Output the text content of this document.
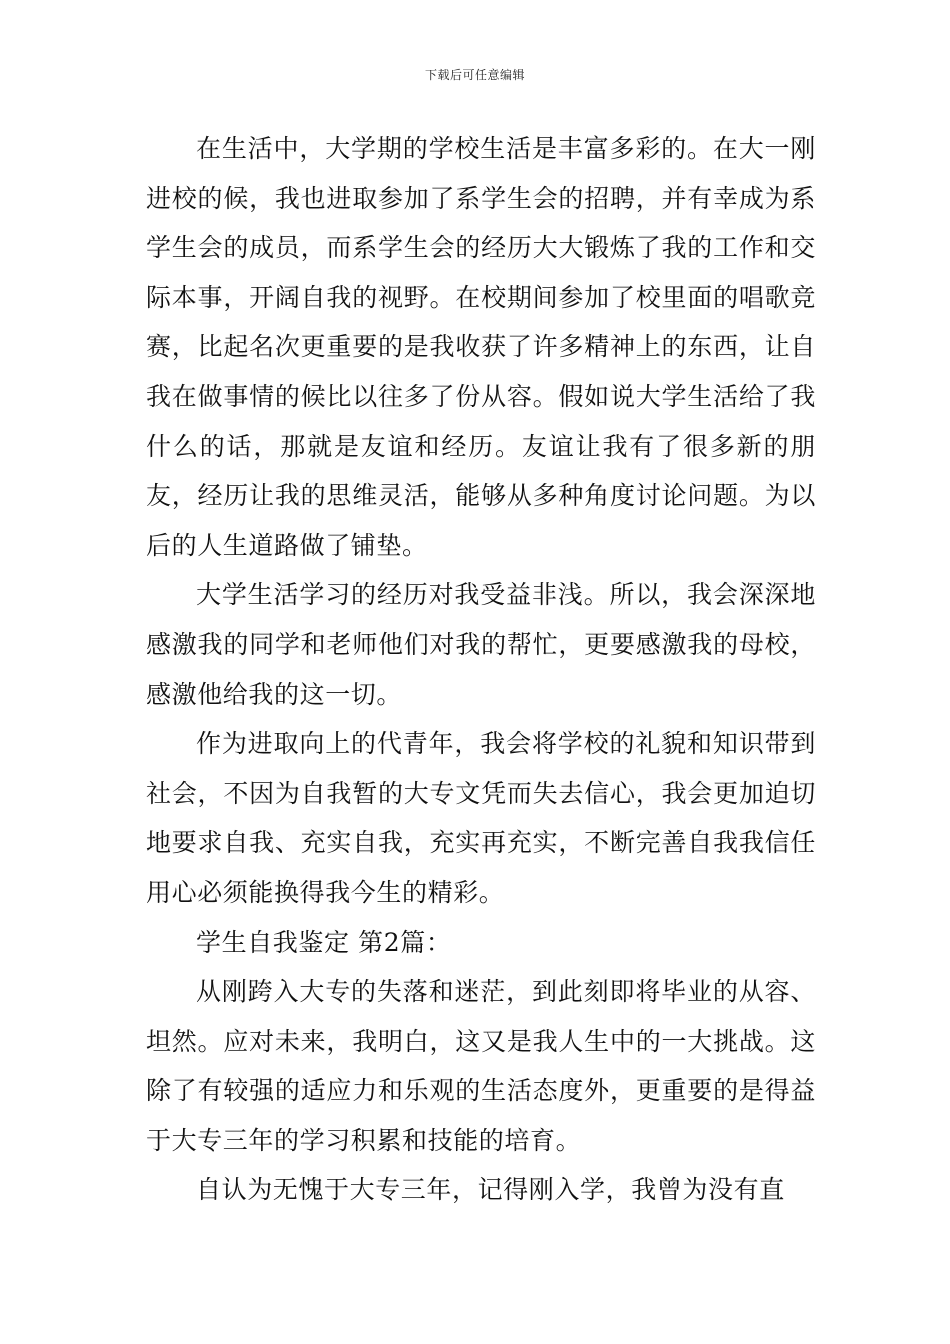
下载后可任意编辑

在生活中，大学期的学校生活是丰富多彩的。在大一刚进校的候，我也进取参加了系学生会的招聘，并有幸成为系学生会的成员，而系学生会的经历大大锻炼了我的工作和交际本事，开阔自我的视野。在校期间参加了校里面的唱歌竞赛，比起名次更重要的是我收获了许多精神上的东西，让自我在做事情的候比以往多了份从容。假如说大学生活给了我什么的话，那就是友谊和经历。友谊让我有了很多新的朋友，经历让我的思维灵活，能够从多种角度讨论问题。为以后的人生道路做了铺垫。

大学生活学习的经历对我受益非浅。所以，我会深深地感激我的同学和老师他们对我的帮忙，更要感激我的母校，感激他给我的这一切。

作为进取向上的代青年，我会将学校的礼貌和知识带到社会，不因为自我暂的大专文凭而失去信心，我会更加迫切地要求自我、充实自我，充实再充实，不断完善自我我信任用心必须能换得我今生的精彩。

学生自我鉴定 第2篇：

从刚跨入大专的失落和迷茫，到此刻即将毕业的从容、坦然。应对未来，我明白，这又是我人生中的一大挑战。这除了有较强的适应力和乐观的生活态度外，更重要的是得益于大专三年的学习积累和技能的培育。

自认为无愧于大专三年，记得刚入学，我曾为没有直
